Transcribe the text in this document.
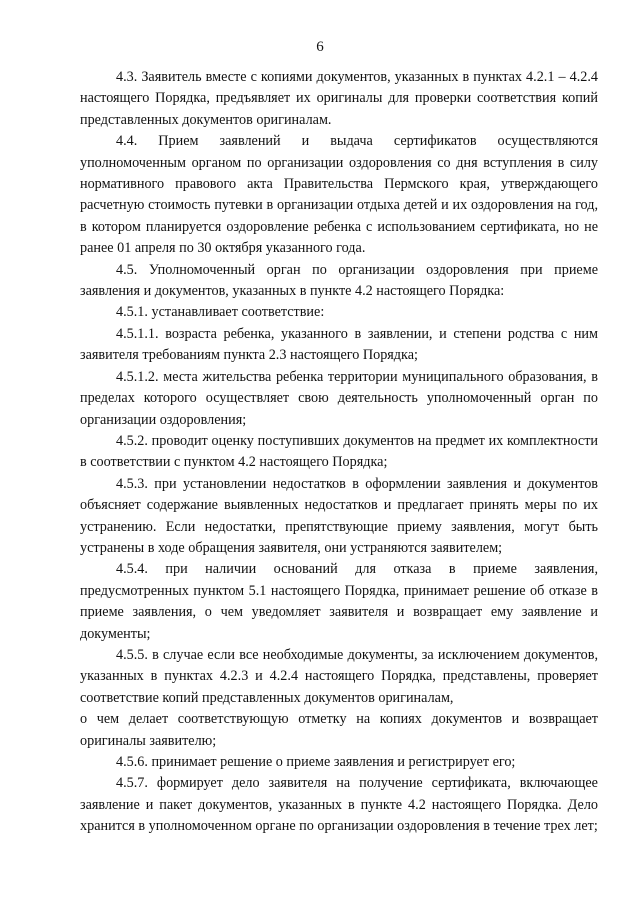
6

4.3. Заявитель вместе с копиями документов, указанных в пунктах 4.2.1 – 4.2.4 настоящего Порядка, предъявляет их оригиналы для проверки соответствия копий представленных документов оригиналам.

4.4. Прием заявлений и выдача сертификатов осуществляются уполномоченным органом по организации оздоровления со дня вступления в силу нормативного правового акта Правительства Пермского края, утверждающего расчетную стоимость путевки в организации отдыха детей и их оздоровления на год, в котором планируется оздоровление ребенка с использованием сертификата, но не ранее 01 апреля по 30 октября указанного года.

4.5. Уполномоченный орган по организации оздоровления при приеме заявления и документов, указанных в пункте 4.2 настоящего Порядка:

4.5.1. устанавливает соответствие:

4.5.1.1. возраста ребенка, указанного в заявлении, и степени родства с ним заявителя требованиям пункта 2.3 настоящего Порядка;

4.5.1.2. места жительства ребенка территории муниципального образования, в пределах которого осуществляет свою деятельность уполномоченный орган по организации оздоровления;

4.5.2. проводит оценку поступивших документов на предмет их комплектности в соответствии с пунктом 4.2 настоящего Порядка;

4.5.3. при установлении недостатков в оформлении заявления и документов объясняет содержание выявленных недостатков и предлагает принять меры по их устранению. Если недостатки, препятствующие приему заявления, могут быть устранены в ходе обращения заявителя, они устраняются заявителем;

4.5.4. при наличии оснований для отказа в приеме заявления, предусмотренных пунктом 5.1 настоящего Порядка, принимает решение об отказе в приеме заявления, о чем уведомляет заявителя и возвращает ему заявление и документы;

4.5.5. в случае если все необходимые документы, за исключением документов, указанных в пунктах 4.2.3 и 4.2.4 настоящего Порядка, представлены, проверяет соответствие копий представленных документов оригиналам,

о чем делает соответствующую отметку на копиях документов и возвращает оригиналы заявителю;

4.5.6. принимает решение о приеме заявления и регистрирует его;

4.5.7. формирует дело заявителя на получение сертификата, включающее заявление и пакет документов, указанных в пункте 4.2 настоящего Порядка. Дело хранится в уполномоченном органе по организации оздоровления в течение трех лет;
